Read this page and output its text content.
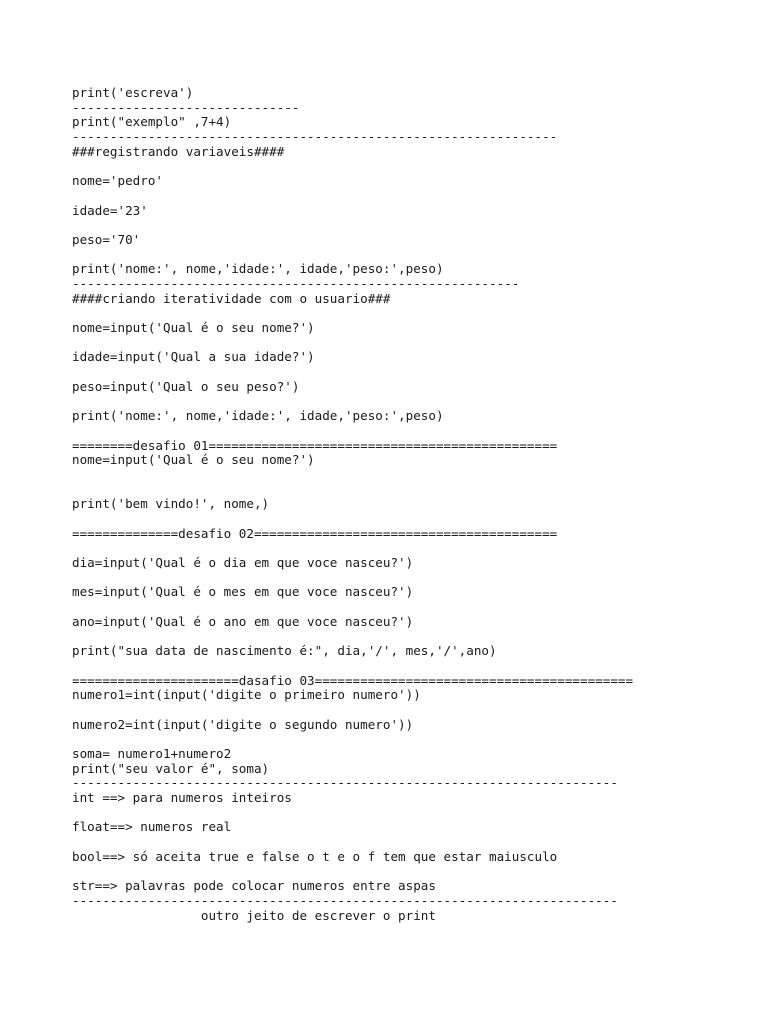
print('escreva')
------------------------------
print("exemplo" ,7+4)
----------------------------------------------------------------
###registrando variaveis####
nome='pedro'
idade='23'
peso='70'
print('nome:', nome,'idade:', idade,'peso:',peso)
-----------------------------------------------------------
####criando iteratividade com o usuario###
nome=input('Qual é o seu nome?')
idade=input('Qual a sua idade?')
peso=input('Qual o seu peso?')
print('nome:', nome,'idade:', idade,'peso:',peso)
========desafio 01==============================================
nome=input('Qual é o seu nome?')
print('bem vindo!', nome,)
==============desafio 02========================================
dia=input('Qual é o dia em que voce nasceu?')
mes=input('Qual é o mes em que voce nasceu?')
ano=input('Qual é o ano em que voce nasceu?')
print("sua data de nascimento é:", dia,'/', mes,'/',ano)
======================dasafio 03==========================================
numero1=int(input('digite o primeiro numero'))
numero2=int(input('digite o segundo numero'))
soma= numero1+numero2
print("seu valor é", soma)
------------------------------------------------------------------------
int ==> para numeros inteiros
float==> numeros real
bool==> só aceita true e false o t e o f tem que estar maiusculo
str==> palavras pode colocar numeros entre aspas
------------------------------------------------------------------------
outro jeito de escrever o print
